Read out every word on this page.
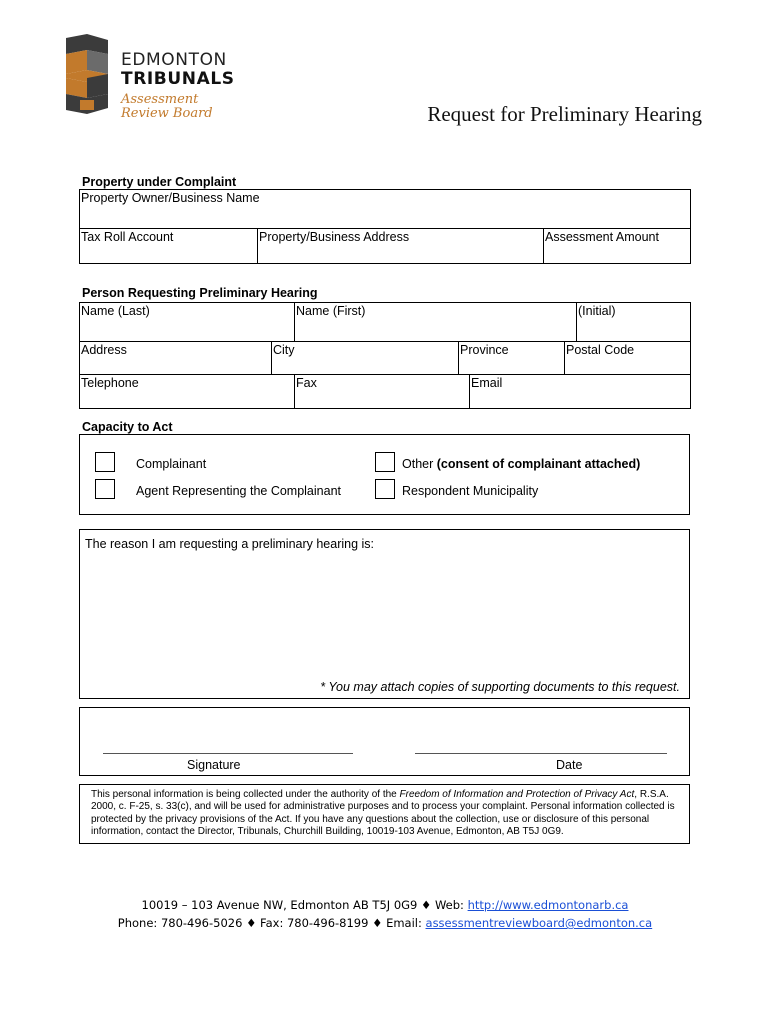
EDMONTON
TRIBUNALS
Assessment
Review Board	Request for Preliminary Hearing
Property under Complaint
Property Owner/Business Name
Tax Roll Account	Property/Business Address	Assessment Amount
Person Requesting Preliminary Hearing
Name (Last)	Name (First)	(Initial)
Address	City	Province	Postal Code
Telephone	Fax	Email
Capacity to Act
Complainant
Agent Representing the Complainant
Other (consent of complainant attached)
Respondent Municipality
The reason I am requesting a preliminary hearing is:
* You may attach copies of supporting documents to this request.
Signature	Date
This personal information is being collected under the authority of the Freedom of Information and Protection of Privacy Act, R.S.A. 2000, c. F-25, s. 33(c), and will be used for administrative purposes and to process your complaint. Personal information collected is protected by the privacy provisions of the Act. If you have any questions about the collection, use or disclosure of this personal information, contact the Director, Tribunals, Churchill Building, 10019-103 Avenue, Edmonton, AB T5J 0G9.
10019 – 103 Avenue NW, Edmonton AB T5J 0G9 ♦ Web: http://www.edmontonarb.ca
Phone: 780-496-5026 ♦ Fax: 780-496-8199 ♦ Email: assessmentreviewboard@edmonton.ca
